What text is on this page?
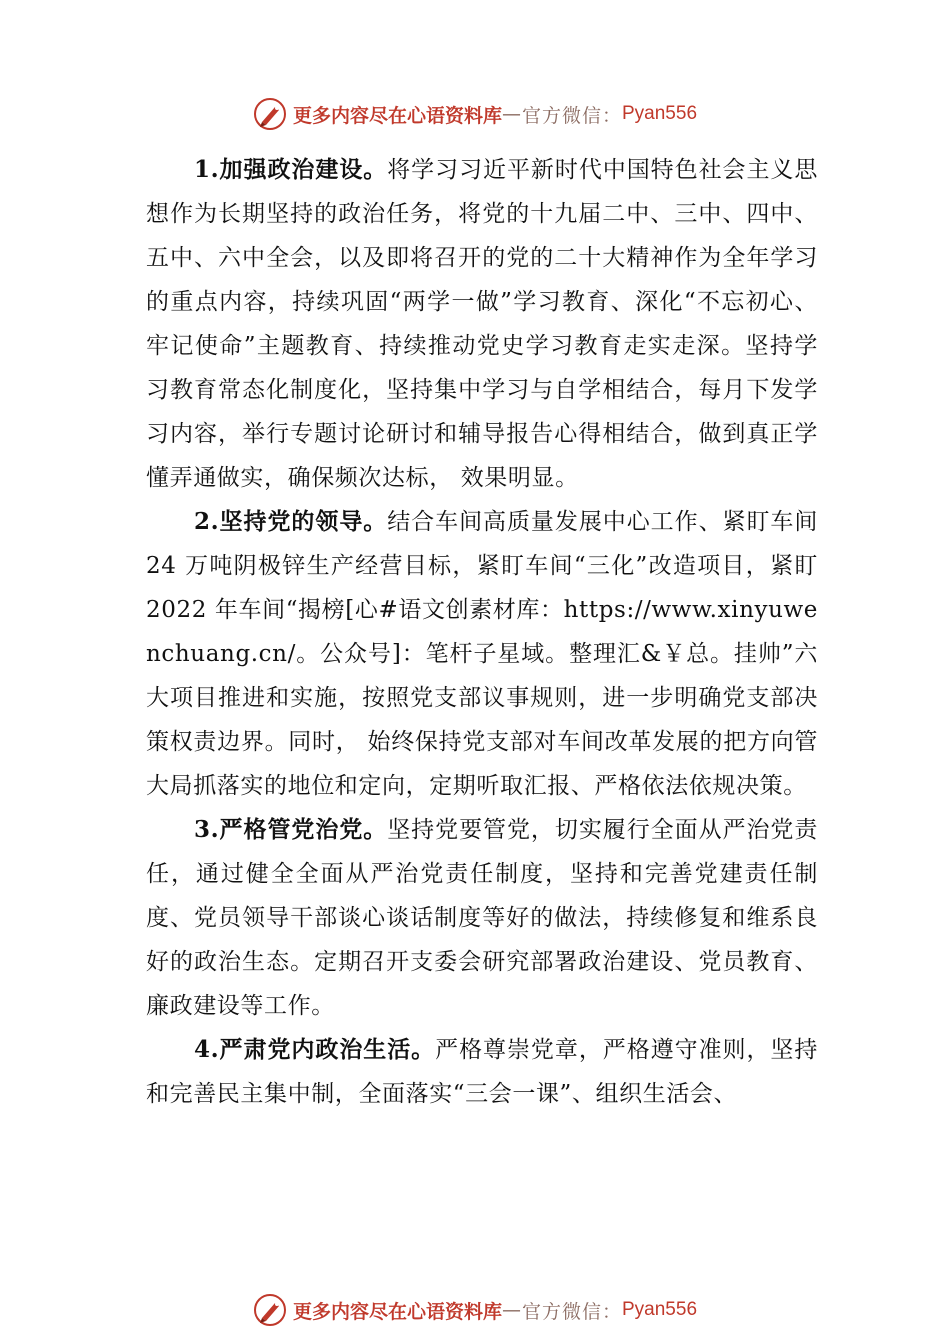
更多内容尽在心语资料库 — 官方微信： Pyan556

1.加强政治建设。将学习习近平新时代中国特色社会主义思想作为长期坚持的政治任务，将党的十九届二中、三中、四中、五中、六中全会，以及即将召开的党的二十大精神作为全年学习的重点内容，持续巩固“两学一做”学习教育、深化“不忘初心、牢记使命”主题教育、持续推动党史学习教育走实走深。坚持学习教育常态化制度化，坚持集中学习与自学相结合，每月下发学习内容，举行专题讨论研讨和辅导报告心得相结合，做到真正学懂弄通做实，确保频次达标， 效果明显。

2.坚持党的领导。结合车间高质量发展中心工作、紧盯车间 24 万吨阴极锌生产经营目标，紧盯车间“三化”改造项目，紧盯 2022 年车间“揭榜[心#语文创素材库：https://www.xinyuwenchuang.cn/。公众号]：笔杆子星域。整理汇&￥总。挂帅”六大项目推进和实施，按照党支部议事规则，进一步明确党支部决策权责边界。同时， 始终保持党支部对车间改革发展的把方向管大局抓落实的地位和定向，定期听取汇报、严格依法依规决策。

3.严格管党治党。坚持党要管党，切实履行全面从严治党责任，通过健全全面从严治党责任制度，坚持和完善党建责任制度、党员领导干部谈心谈话制度等好的做法，持续修复和维系良好的政治生态。定期召开支委会研究部署政治建设、党员教育、廉政建设等工作。

4.严肃党内政治生活。严格尊崇党章，严格遵守准则，坚持和完善民主集中制，全面落实“三会一课”、组织生活会、

更多内容尽在心语资料库 — 官方微信： Pyan556
